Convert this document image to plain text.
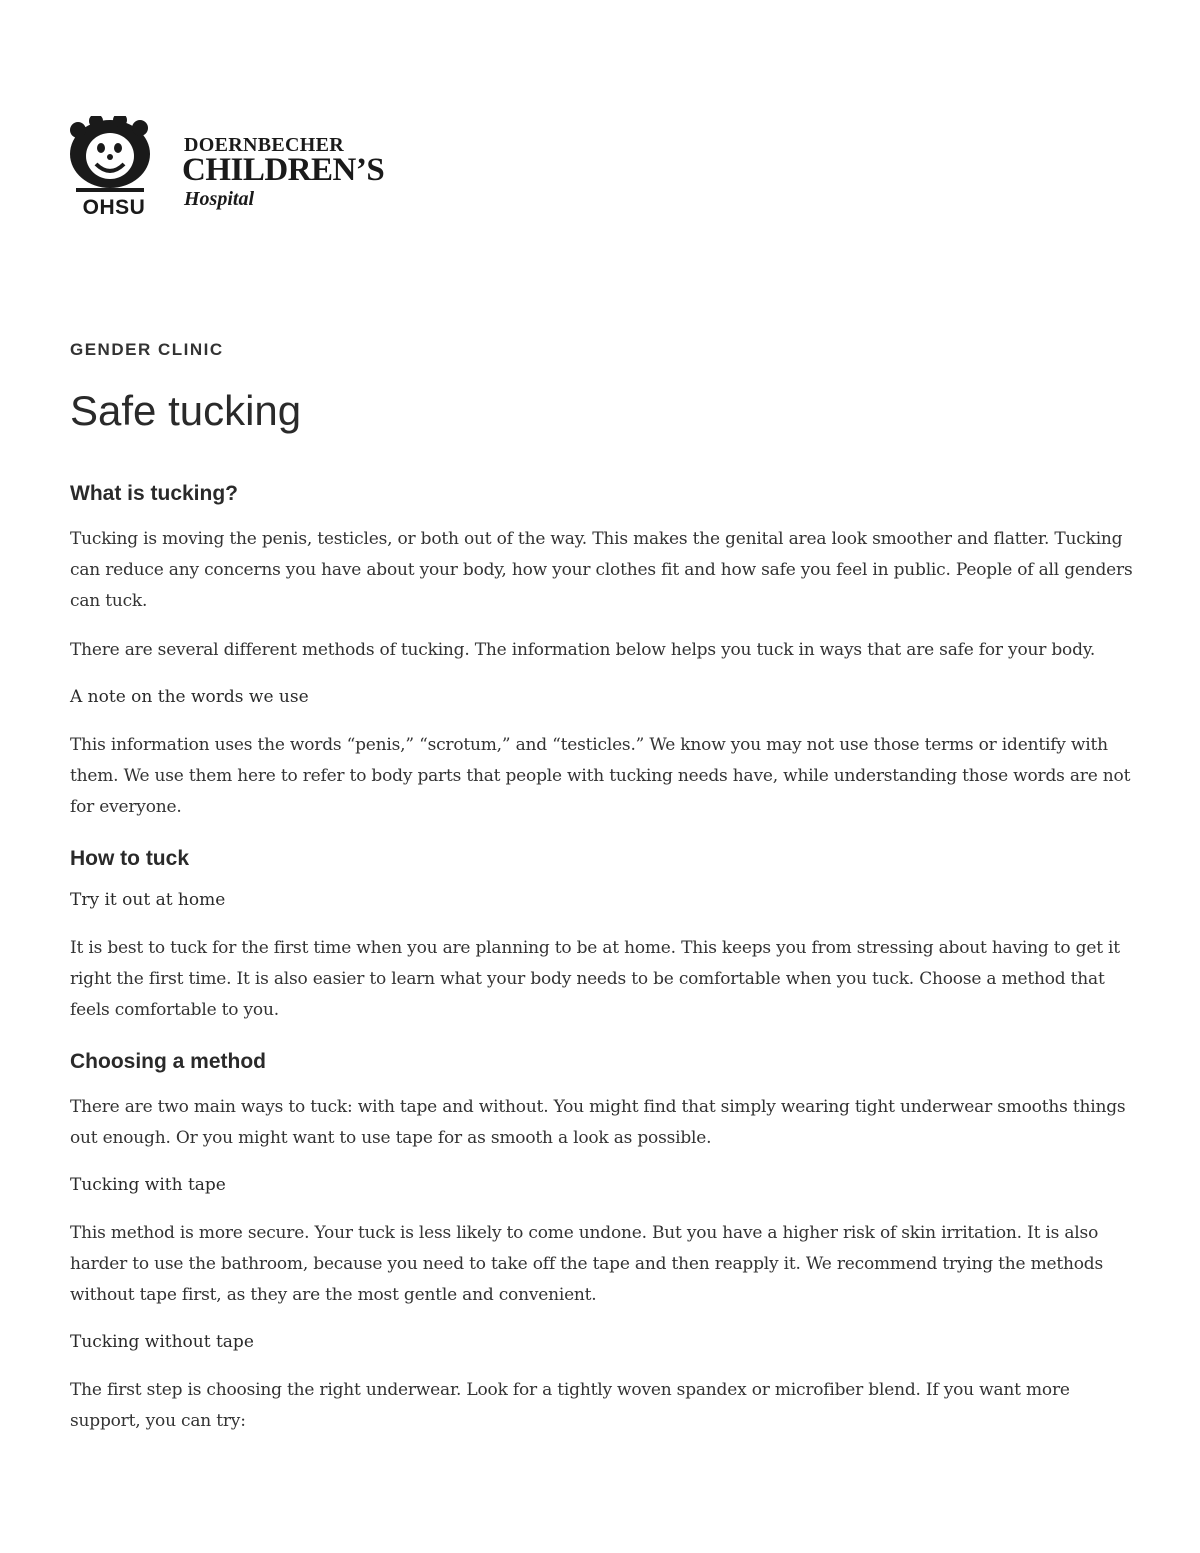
OHSU
DOERNBECHER
CHILDREN’S
Hospital
GENDER CLINIC
Safe tucking
What is tucking?

Tucking is moving the penis, testicles, or both out of the way. This makes the genital area look smoother and flatter. Tucking can reduce any concerns you have about your body, how your clothes fit and how safe you feel in public. People of all genders can tuck.

There are several different methods of tucking. The information below helps you tuck in ways that are safe for your body.

A note on the words we use

This information uses the words “penis,” “scrotum,” and “testicles.” We know you may not use those terms or identify with them. We use them here to refer to body parts that people with tucking needs have, while understanding those words are not for everyone.

How to tuck
Try it out at home

It is best to tuck for the first time when you are planning to be at home. This keeps you from stressing about having to get it right the first time. It is also easier to learn what your body needs to be comfortable when you tuck. Choose a method that feels comfortable to you.

Choosing a method

There are two main ways to tuck: with tape and without. You might find that simply wearing tight underwear smooths things out enough. Or you might want to use tape for as smooth a look as possible.

Tucking with tape

This method is more secure. Your tuck is less likely to come undone. But you have a higher risk of skin irritation. It is also harder to use the bathroom, because you need to take off the tape and then reapply it. We recommend trying the methods without tape first, as they are the most gentle and convenient.

Tucking without tape

The first step is choosing the right underwear. Look for a tightly woven spandex or microfiber blend. If you want more support, you can try:
